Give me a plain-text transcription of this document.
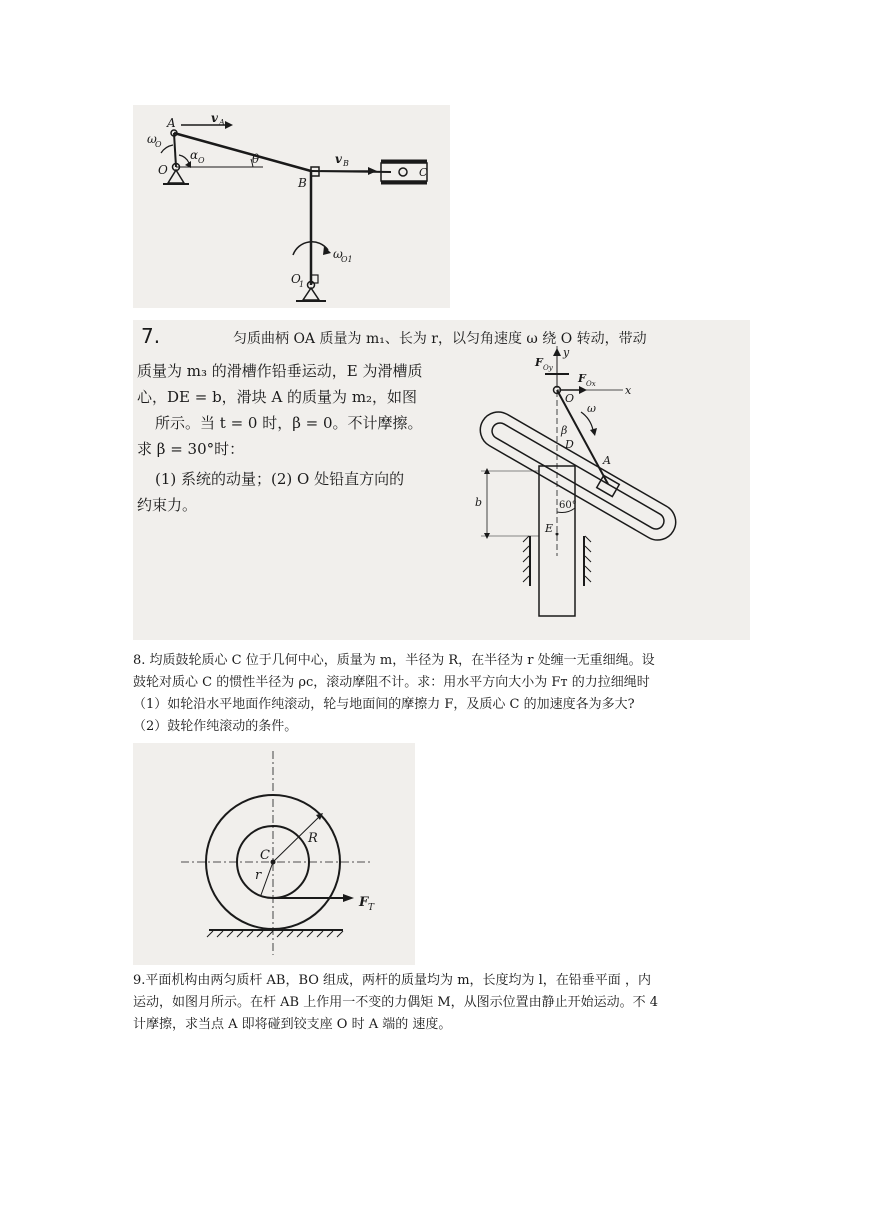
A
O
B
O
1
ω
O
α O	θ
v A
v B
ω
O1
C
7.	匀质曲柄 OA 质量为 m₁、长为 r，以匀角速度 ω 绕 O 转动，带动
质量为 m₃ 的滑槽作铅垂运动，E 为滑槽质
心，DE = b，滑块 A 的质量为 m₂，如图
所示。当 t = 0 时，β = 0。不计摩擦。
求 β = 30°时：
(1) 系统的动量；(2) O 处铅直方向的
约束力。
y
x
F Oy
F Ox
O
ω
β
D
A
60°
b
E
8. 均质鼓轮质心 C 位于几何中心，质量为 m，半径为 R，在半径为 r 处缠一无重细绳。设
鼓轮对质心 C 的惯性半径为 ρc，滚动摩阻不计。求：用水平方向大小为 Fт 的力拉细绳时
（1）如轮沿水平地面作纯滚动，轮与地面间的摩擦力 F，及质心 C 的加速度各为多大?
（2）鼓轮作纯滚动的条件。
C
R
r
F T
9.平面机构由两匀质杆 AB，BO 组成，两杆的质量均为 m，长度均为 l，在铅垂平面 ，内
运动，如图月所示。在杆 AB 上作用一不变的力偶矩 M，从图示位置由静止开始运动。不 4
计摩擦，求当点 A 即将碰到铰支座 O 时 A 端的 速度。
